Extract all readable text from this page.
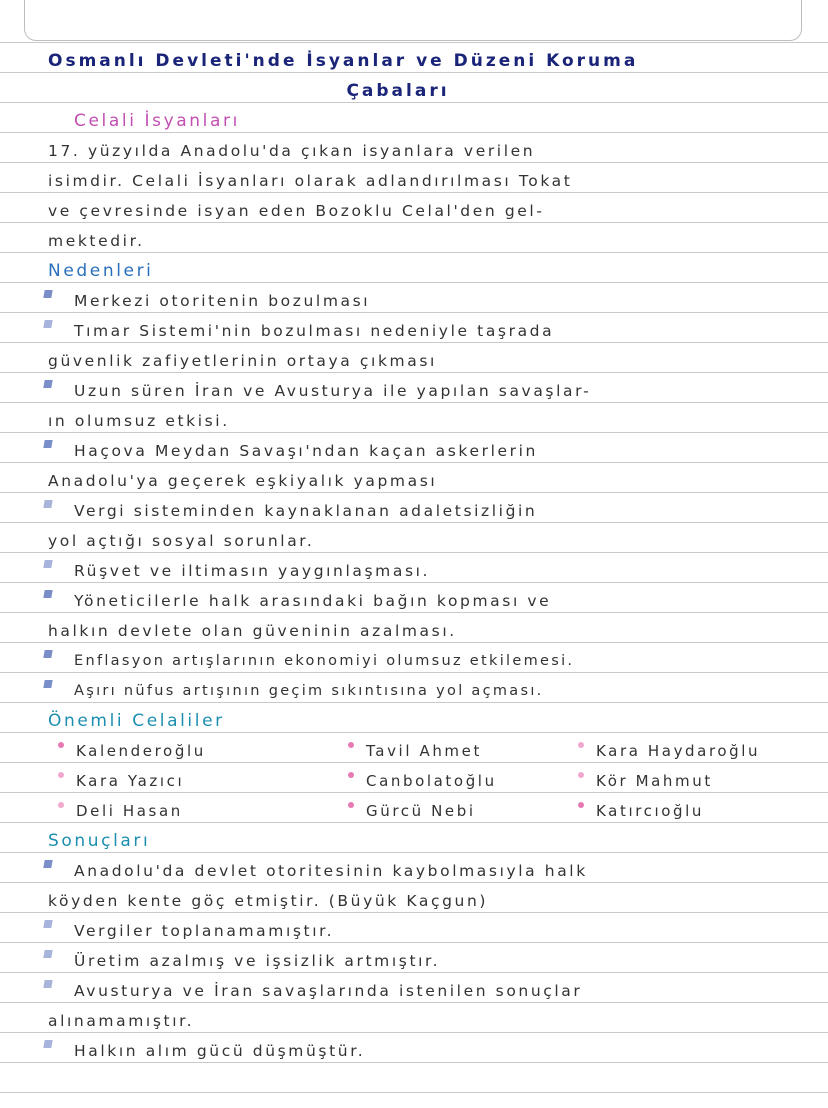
Osmanlı Devleti'nde İsyanlar ve Düzeni Koruma
Çabaları
Celali İsyanları
17. yüzyılda Anadolu'da çıkan isyanlara verilen
isimdir. Celali İsyanları olarak adlandırılması Tokat
ve çevresinde isyan eden Bozoklu Celal'den gel-
mektedir.
Nedenleri
Merkezi otoritenin bozulması
Tımar Sistemi'nin bozulması nedeniyle taşrada
güvenlik zafiyetlerinin ortaya çıkması
Uzun süren İran ve Avusturya ile yapılan savaşlar-
ın olumsuz etkisi.
Haçova Meydan Savaşı'ndan kaçan askerlerin
Anadolu'ya geçerek eşkiyalık yapması
Vergi sisteminden kaynaklanan adaletsizliğin
yol açtığı sosyal sorunlar.
Rüşvet ve iltimasın yaygınlaşması.
Yöneticilerle halk arasındaki bağın kopması ve
halkın devlete olan güveninin azalması.
Enflasyon artışlarının ekonomiyi olumsuz etkilemesi.
Aşırı nüfus artışının geçim sıkıntısına yol açması.
Önemli Celaliler
Kalenderoğlu	Tavil Ahmet	Kara Haydaroğlu
Kara Yazıcı	Canbolatoğlu	Kör Mahmut
Deli Hasan	Gürcü Nebi	Katırcıoğlu
Sonuçları
Anadolu'da devlet otoritesinin kaybolmasıyla halk
köyden kente göç etmiştir. (Büyük Kaçgun)
Vergiler toplanamamıştır.
Üretim azalmış ve işsizlik artmıştır.
Avusturya ve İran savaşlarında istenilen sonuçlar
alınamamıştır.
Halkın alım gücü düşmüştür.
